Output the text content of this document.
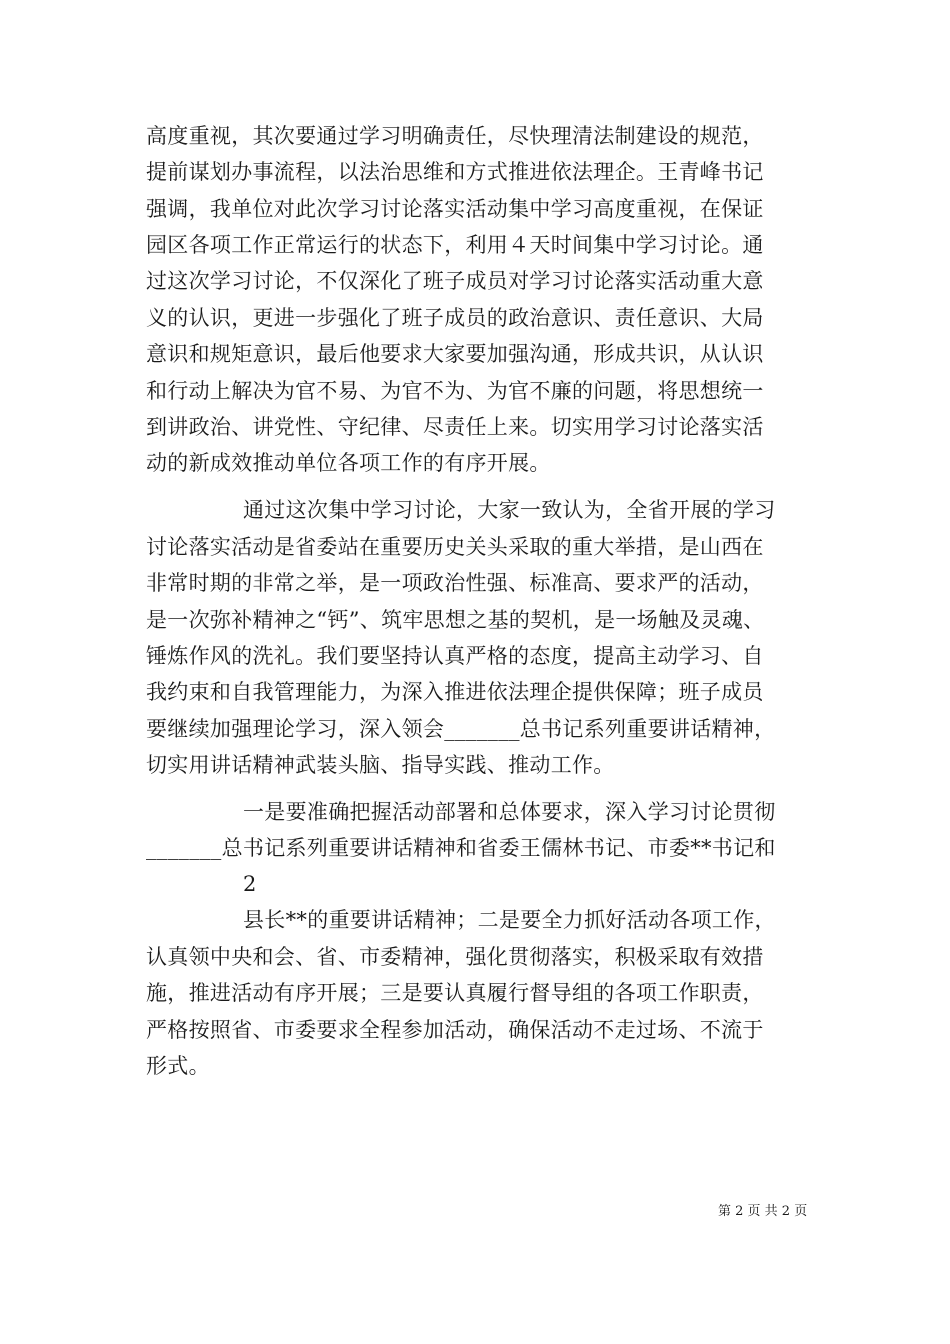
高度重视，其次要通过学习明确责任，尽快理清法制建设的规范，
提前谋划办事流程，以法治思维和方式推进依法理企。王青峰书记
强调，我单位对此次学习讨论落实活动集中学习高度重视，在保证
园区各项工作正常运行的状态下，利用４天时间集中学习讨论。通
过这次学习讨论，不仅深化了班子成员对学习讨论落实活动重大意
义的认识，更进一步强化了班子成员的政治意识、责任意识、大局
意识和规矩意识，最后他要求大家要加强沟通，形成共识，从认识
和行动上解决为官不易、为官不为、为官不廉的问题，将思想统一
到讲政治、讲党性、守纪律、尽责任上来。切实用学习讨论落实活
动的新成效推动单位各项工作的有序开展。
通过这次集中学习讨论，大家一致认为，全省开展的学习
讨论落实活动是省委站在重要历史关头采取的重大举措，是山西在
非常时期的非常之举，是一项政治性强、标准高、要求严的活动，
是一次弥补精神之“钙”、筑牢思想之基的契机，是一场触及灵魂、
锤炼作风的洗礼。我们要坚持认真严格的态度，提高主动学习、自
我约束和自我管理能力，为深入推进依法理企提供保障；班子成员
要继续加强理论学习，深入领会_______总书记系列重要讲话精神，
切实用讲话精神武装头脑、指导实践、推动工作。
一是要准确把握活动部署和总体要求，深入学习讨论贯彻
_______总书记系列重要讲话精神和省委王儒林书记、市委**书记和
2
县长**的重要讲话精神；二是要全力抓好活动各项工作，
认真领中央和会、省、市委精神，强化贯彻落实，积极采取有效措
施，推进活动有序开展；三是要认真履行督导组的各项工作职责，
严格按照省、市委要求全程参加活动，确保活动不走过场、不流于
形式。
第 2 页 共 2 页
